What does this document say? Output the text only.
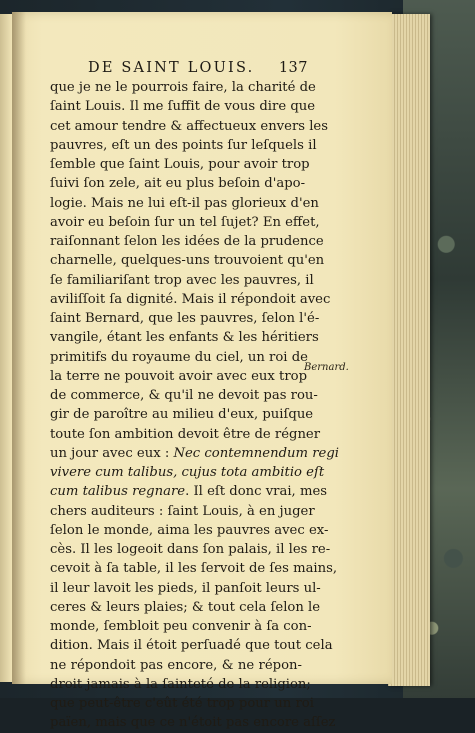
DE SAINT LOUIS. 137
que je ne le pourrois faire, la charité de
ſaint Louis. Il me ſuffit de vous dire que
cet amour tendre & affectueux envers les
pauvres, eſt un des points ſur leſquels il
ſemble que ſaint Louis, pour avoir trop
ſuivi ſon zele, ait eu plus beſoin d'apo-
logie. Mais ne lui eſt-il pas glorieux d'en
avoir eu beſoin ſur un tel ſujet? En effet,
raiſonnant ſelon les idées de la prudence
charnelle, quelques-uns trouvoient qu'en
ſe familiariſant trop avec les pauvres, il
aviliſſoit ſa dignité. Mais il répondoit avec
ſaint Bernard, que les pauvres, ſelon l'é-
vangile, étant les enfants & les héritiers
primitifs du royaume du ciel, un roi de
la terre ne pouvoit avoir avec eux trop
de commerce, & qu'il ne devoit pas rou-
gir de paroître au milieu d'eux, puiſque
toute ſon ambition devoit être de régner
un jour avec eux : Nec contemnendum regi
vivere cum talibus, cujus tota ambitio eſt
cum talibus regnare. Il eſt donc vrai, mes
chers auditeurs : ſaint Louis, à en juger
ſelon le monde, aima les pauvres avec ex-
cès. Il les logeoit dans ſon palais, il les re-
cevoit à ſa table, il les ſervoit de ſes mains,
il leur lavoit les pieds, il panſoit leurs ul-
ceres & leurs plaies; & tout cela ſelon le
monde, ſembloit peu convenir à ſa con-
dition. Mais il étoit perſuadé que tout cela
ne répondoit pas encore, & ne répon-
droit jamais à la ſainteté de la religion;
que peut-être c'eût été trop pour un roi
païen, mais que ce n'étoit pas encore aſſez
Bernard.
